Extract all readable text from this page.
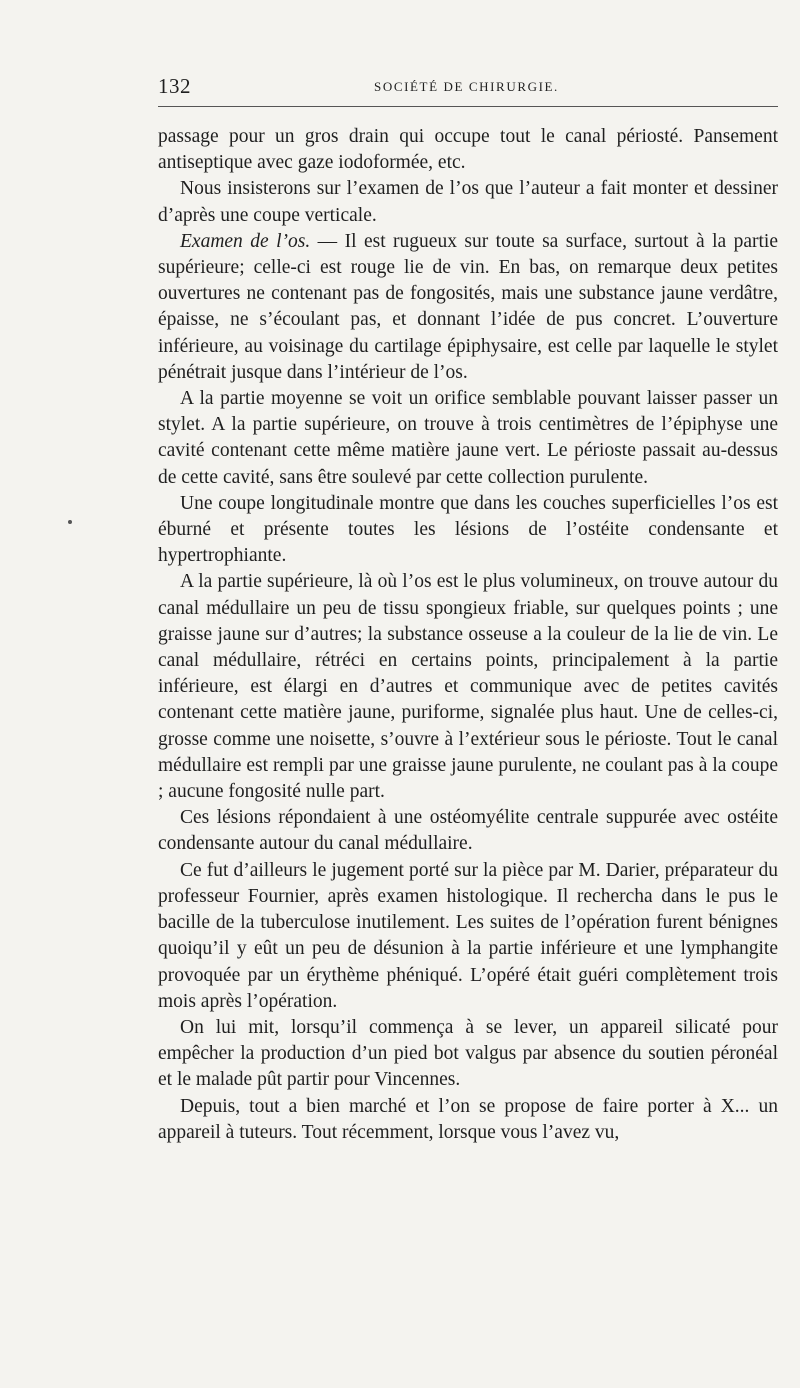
132	SOCIÉTÉ DE CHIRURGIE.

passage pour un gros drain qui occupe tout le canal périosté. Pansement antiseptique avec gaze iodoformée, etc.

Nous insisterons sur l’examen de l’os que l’auteur a fait monter et dessiner d’après une coupe verticale.

Examen de l’os. — Il est rugueux sur toute sa surface, surtout à la partie supérieure; celle-ci est rouge lie de vin. En bas, on remarque deux petites ouvertures ne contenant pas de fongosités, mais une substance jaune verdâtre, épaisse, ne s’écoulant pas, et donnant l’idée de pus concret. L’ouverture inférieure, au voisinage du cartilage épiphysaire, est celle par laquelle le stylet pénétrait jusque dans l’intérieur de l’os.

A la partie moyenne se voit un orifice semblable pouvant laisser passer un stylet. A la partie supérieure, on trouve à trois centimètres de l’épiphyse une cavité contenant cette même matière jaune vert. Le périoste passait au-dessus de cette cavité, sans être soulevé par cette collection purulente.

Une coupe longitudinale montre que dans les couches superficielles l’os est éburné et présente toutes les lésions de l’ostéite condensante et hypertrophiante.

A la partie supérieure, là où l’os est le plus volumineux, on trouve autour du canal médullaire un peu de tissu spongieux friable, sur quelques points ; une graisse jaune sur d’autres; la substance osseuse a la couleur de la lie de vin. Le canal médullaire, rétréci en certains points, principalement à la partie inférieure, est élargi en d’autres et communique avec de petites cavités contenant cette matière jaune, puriforme, signalée plus haut. Une de celles-ci, grosse comme une noisette, s’ouvre à l’extérieur sous le périoste. Tout le canal médullaire est rempli par une graisse jaune purulente, ne coulant pas à la coupe ; aucune fongosité nulle part.

Ces lésions répondaient à une ostéomyélite centrale suppurée avec ostéite condensante autour du canal médullaire.

Ce fut d’ailleurs le jugement porté sur la pièce par M. Darier, préparateur du professeur Fournier, après examen histologique. Il rechercha dans le pus le bacille de la tuberculose inutilement. Les suites de l’opération furent bénignes quoiqu’il y eût un peu de désunion à la partie inférieure et une lymphangite provoquée par un érythème phéniqué. L’opéré était guéri complètement trois mois après l’opération.

On lui mit, lorsqu’il commença à se lever, un appareil silicaté pour empêcher la production d’un pied bot valgus par absence du soutien péronéal et le malade pût partir pour Vincennes.

Depuis, tout a bien marché et l’on se propose de faire porter à X... un appareil à tuteurs. Tout récemment, lorsque vous l’avez vu,
